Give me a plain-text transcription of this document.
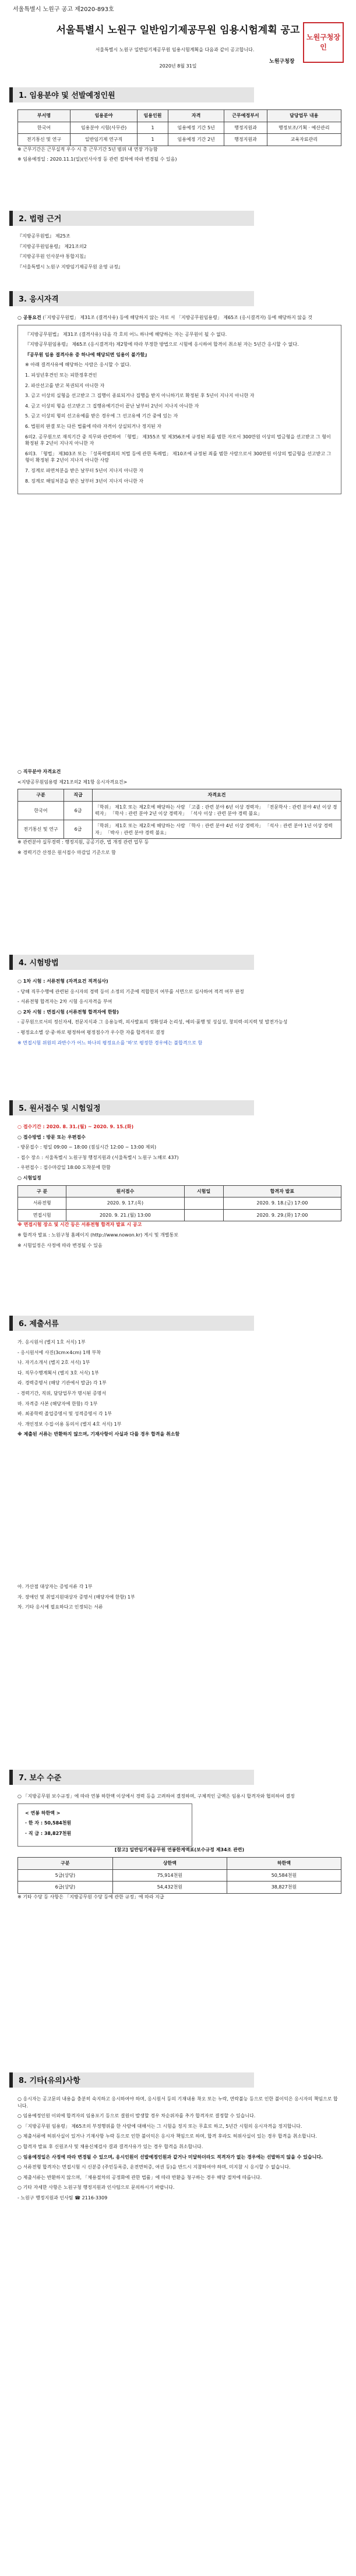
서울특별시 노원구 공고 제2020-893호
서울특별시 노원구 일반임기제공무원 임용시험계획 공고
서울특별시 노원구 일반임기제공무원 임용시험계획을 다음과 같이 공고합니다.
2020년 8월 31일
노원구청장
노원구청장인
1. 임용분야 및 선발예정인원
부서명	임용분야	임용인원	자격	근무예정부서	담당업무 내용
한국어	임용분야 시험(사무관)	1	임용예정 기간 5년	행정지원과	행정보조/기획 · 예산관리
전기통신 및 연구	일반임기제 연구직	1	임용예정 기간 2년	행정지원과	교육자료관리

※ 근무기간은 근무실적 우수 시 총 근무기간 5년 범위 내 연장 가능함

※ 임용예정일 : 2020.11.1(일)(인사사정 등 관련 절차에 따라 변경될 수 있음)

2. 법령 근거

『지방공무원법』 제25조

『지방공무원임용령』 제21조의2

『지방공무원 인사분야 통합지침』

『서울특별시 노원구 지방임기제공무원 운영 규정』

3. 응시자격

○ 공통요건 (「지방공무원법」 제31조 (결격사유) 등에 해당하지 않는 자로 서 「지방공무원임용령」 제65조 (응시결격자) 등에 해당하지 않을 것

『지방공무원법』 제31조 (결격사유) 다음 각 호의 어느 하나에 해당하는 자는 공무원이 될 수 없다.

『지방공무원임용령』 제65조 (응시결격자) 제2항에 따라 부정한 방법으로 시험에 응시하여 합격이 취소된 자는 5년간 응시할 수 없다.

『공무원 임용 결격사유 중 하나에 해당되면 임용이 불가함』

※ 아래 결격사유에 해당하는 사람은 응시할 수 없다.

1. 피성년후견인 또는 피한정후견인

2. 파산선고를 받고 복권되지 아니한 자

3. 금고 이상의 실형을 선고받고 그 집행이 종료되거나 집행을 받지 아니하기로 확정된 후 5년이 지나지 아니한 자

4. 금고 이상의 형을 선고받고 그 집행유예기간이 끝난 날부터 2년이 지나지 아니한 자

5. 금고 이상의 형의 선고유예를 받은 경우에 그 선고유예 기간 중에 있는 자

6. 법원의 판결 또는 다른 법률에 따라 자격이 상실되거나 정지된 자

6의2. 공무원으로 재직기간 중 직무와 관련하여 「형법」 제355조 및 제356조에 규정된 죄를 범한 자로서 300만원 이상의 벌금형을 선고받고 그 형이 확정된 후 2년이 지나지 아니한 자

6의3. 「형법」 제303조 또는 「성폭력범죄의 처벌 등에 관한 특례법」 제10조에 규정된 죄를 범한 사람으로서 300만원 이상의 벌금형을 선고받고 그 형이 확정된 후 2년이 지나지 아니한 사람

7. 징계로 파면처분을 받은 날부터 5년이 지나지 아니한 자

8. 징계로 해임처분을 받은 날부터 3년이 지나지 아니한 자

○ 직무분야 자격요건

<지방공무원임용령 제21조의2 제1항 응시자격요건>

구분	직급	자격요건
한국어	6급	「학위」 제1호 또는 제2호에 해당하는 사람 「고졸 : 관련 분야 6년 이상 경력자」 「전문학사 : 관련 분야 4년 이상 경력자」 「학사 : 관련 분야 2년 이상 경력자」 「석사 이상 : 관련 분야 경력 불요」
전기통신 및 연구	6급	「학위」 제1호 또는 제2호에 해당하는 사람 「학사 : 관련 분야 4년 이상 경력자」 「석사 : 관련 분야 1년 이상 경력자」 「박사 : 관련 분야 경력 불요」

※ 관련분야 실무경력 : 행정지원, 공공기관, 법 개정 관련 업무 등

※ 경력기간 산정은 원서접수 마감일 기준으로 함

4. 시험방법

○ 1차 시험 : 서류전형 (자격요건 적격심사)

- 당해 직무수행에 관련된 응시자의 경력 등이 소정의 기준에 적합한지 여부를 서면으로 심사하여 적격 여부 판정

- 서류전형 합격자는 2차 시험 응시자격을 부여

○ 2차 시험 : 면접시험 (서류전형 합격자에 한함)

- 공무원으로서의 정신자세, 전문지식과 그 응용능력, 의사발표의 정확성과 논리성, 예의·품행 및 성실성, 창의력·의지력 및 발전가능성

- 평정요소별 상·중·하로 평정하여 평정점수가 우수한 자를 합격자로 결정

※ 면접시험 위원의 과반수가 어느 하나의 평정요소를 '하'로 평정한 경우에는 불합격으로 함

5. 원서접수 및 시험일정

○ 접수기간 : 2020. 8. 31.(월) ~ 2020. 9. 15.(화)

○ 접수방법 : 방문 또는 우편접수

- 방문접수 : 평일 09:00 ~ 18:00 (점심시간 12:00 ~ 13:00 제외)

- 접수 장소 : 서울특별시 노원구청 행정지원과 (서울특별시 노원구 노해로 437)

- 우편접수 : 접수마감일 18:00 도착분에 한함

○ 시험일정

구 분	원서접수	시험일	합격자 발표
서류전형	2020. 9. 17.(목)		2020. 9. 18.(금) 17:00
면접시험	2020. 9. 21.(월) 13:00		2020. 9. 29.(화) 17:00

※ 면접시험 장소 및 시간 등은 서류전형 합격자 발표 시 공고

※ 합격자 발표 : 노원구청 홈페이지 (http://www.nowon.kr) 게시 및 개별통보

※ 시험일정은 사정에 따라 변경될 수 있음

6. 제출서류

가. 응시원서 (별지 1호 서식) 1부

- 응시원서에 사진(3cm×4cm) 1매 부착

나. 자기소개서 (별지 2호 서식) 1부

다. 직무수행계획서 (별지 3호 서식) 1부

라. 경력증명서 (해당 기관에서 발급) 각 1부

- 경력기간, 직위, 담당업무가 명시된 증명서

마. 자격증 사본 (해당자에 한함) 각 1부

바. 최종학력 졸업증명서 및 성적증명서 각 1부

사. 개인정보 수집·이용 동의서 (별지 4호 서식) 1부

※ 제출된 서류는 반환하지 않으며, 기재사항이 사실과 다를 경우 합격을 취소함

아. 가산점 대상자는 증빙서류 각 1부

자. 장애인 및 취업지원대상자 증명서 (해당자에 한함) 1부

차. 기타 응시에 필요하다고 인정되는 서류

7. 보수 수준

○ 「지방공무원 보수규정」에 따라 연봉 하한액 이상에서 경력 등을 고려하여 결정하며, 구체적인 금액은 임용시 합격자와 협의하여 결정

< 연봉 하한액 >

· 한 자 : 50,584천원

· 직 급 : 38,827천원

[참고] 일반임기제공무원 연봉한계액표(보수규정 제34조 관련)

구분	상한액	하한액
5급(상당)	75,914천원	50,584천원
6급(상당)	54,432천원	38,827천원

※ 기타 수당 등 사항은 「지방공무원 수당 등에 관한 규정」에 따라 지급

8. 기타(유의)사항

○ 응시자는 공고문의 내용을 충분히 숙지하고 응시하여야 하며, 응시원서 등의 기재내용 착오 또는 누락, 연락불능 등으로 인한 불이익은 응시자의 책임으로 합니다.

○ 임용예정인원 이외에 합격자의 임용포기 등으로 결원이 발생할 경우 차순위자를 추가 합격자로 결정할 수 있습니다.

○ 「지방공무원 임용령」 제65조의 부정행위를 한 사람에 대해서는 그 시험을 정지 또는 무효로 하고, 5년간 시험의 응시자격을 정지합니다.

○ 제출서류에 허위사실이 있거나 기재사항 누락 등으로 인한 불이익은 응시자 책임으로 하며, 합격 후라도 허위사실이 있는 경우 합격을 취소합니다.

○ 합격자 발표 후 신원조사 및 채용신체검사 결과 결격사유가 있는 경우 합격을 취소합니다.

○ 임용예정일은 사정에 따라 변경될 수 있으며, 응시인원이 선발예정인원과 같거나 미달하더라도 적격자가 없는 경우에는 선발하지 않을 수 있습니다.

○ 서류전형 합격자는 면접시험 시 신분증 (주민등록증, 운전면허증, 여권 등)을 반드시 지참하여야 하며, 미지참 시 응시할 수 없습니다.

○ 제출서류는 반환하지 않으며, 「채용절차의 공정화에 관한 법률」에 따라 반환을 청구하는 경우 해당 절차에 따릅니다.

○ 기타 자세한 사항은 노원구청 행정지원과 인사팀으로 문의하시기 바랍니다.

- 노원구 행정지원과 인사팀 ☎ 2116-3309
